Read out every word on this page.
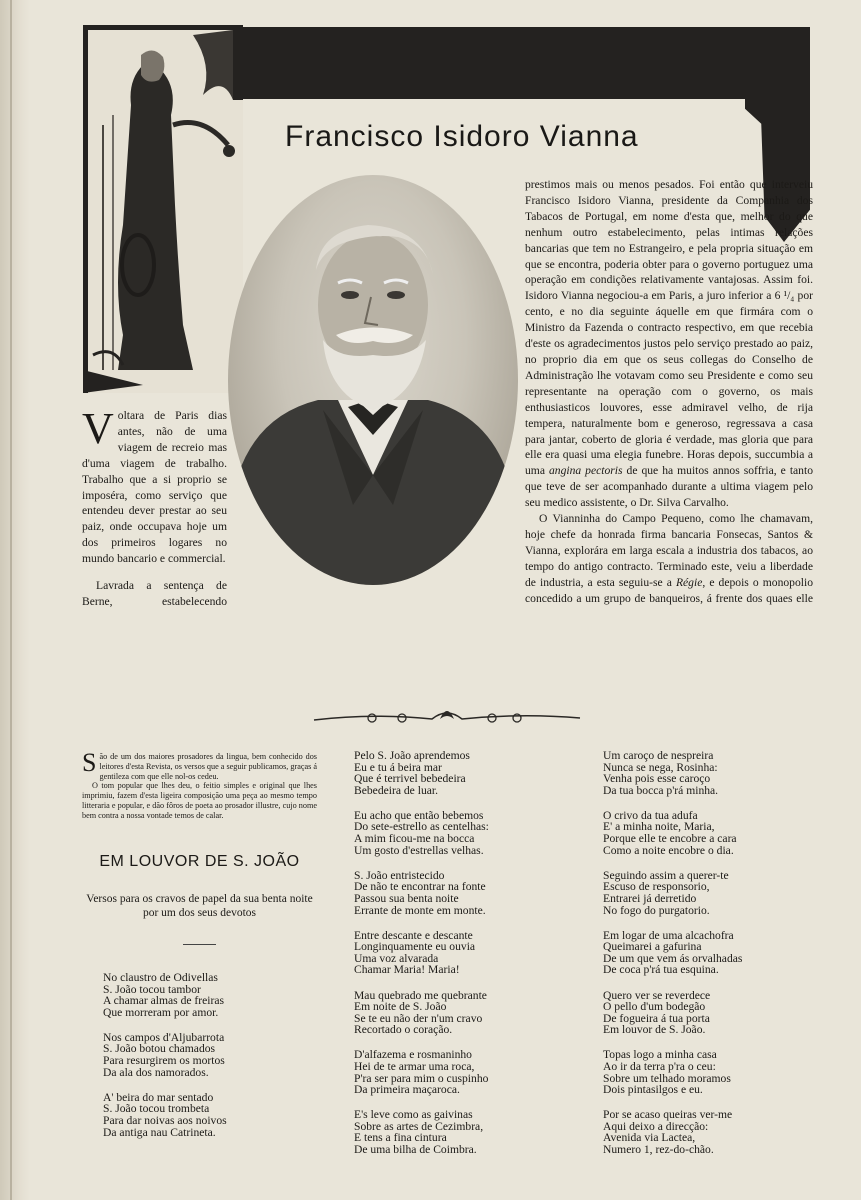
Francisco Isidoro Vianna
V oltara de Paris dias antes, não de uma viagem de recreio mas d'uma viagem de trabalho. Trabalho que a si proprio se imposéra, como serviço que entendeu dever prestar ao seu paiz, onde occupava hoje um dos primeiros logares no mundo bancario e commercial.

Lavrada a sentença de Berne, estabelecendo

prestimos mais ou menos pesados. Foi então que interveiu Francisco Isidoro Vianna, presidente da Companhia dos Tabacos de Portugal, em nome d'esta que, melhor do que nenhum outro estabelecimento, pelas intimas relações bancarias que tem no Estrangeiro, e pela propria situação em que se encontra, poderia obter para o governo portuguez uma operação em condições relativamente vantajosas. Assim foi. Isidoro Vianna negociou-a em Paris, a juro inferior a 6 ¹/₄ por cento, e no dia seguinte áquelle em que firmára com o Ministro da Fazenda o contracto respectivo, em que recebia d'este os agradecimentos justos pelo serviço prestado ao paiz, no proprio dia em que os seus collegas do Conselho de Administração lhe votavam como seu Presidente e como seu representante na operação com o governo, os mais enthusiasticos louvores, esse admiravel velho, de rija tempera, naturalmente bom e generoso, regressava a casa para jantar, coberto de gloria é verdade, mas gloria que para elle era quasi uma elegia funebre. Horas depois, succumbia a uma angina pectoris de que ha muitos annos soffria, e tanto que teve de ser acompanhado durante a ultima viagem pelo seu medico assistente, o Dr. Silva Carvalho.

O Vianninha do Campo Pequeno, como lhe chamavam, hoje chefe da honrada firma bancaria Fonsecas, Santos & Vianna, explorára em larga escala a industria dos tabacos, ao tempo do antigo contracto. Terminado este, veiu a liberdade de industria, a esta seguiu-se a Régie, e depois o monopolio concedido a um grupo de banqueiros, á frente dos quaes elle

S ão de um dos maiores prosadores da lingua, bem conhecido dos leitores d'esta Revista, os versos que a seguir publicamos, graças á gentileza com que elle nol-os cedeu.

O tom popular que lhes deu, o feitio simples e original que lhes imprimiu, fazem d'esta ligeira composição uma peça ao mesmo tempo litteraria e popular, e dão fôros de poeta ao prosador illustre, cujo nome bem contra a nossa vontade temos de calar.

EM LOUVOR DE S. JOÃO
Versos para os cravos de papel da sua benta noite por um dos seus devotos
No claustro de Odivellas
S. João tocou tambor
A chamar almas de freiras
Que morreram por amor.
Nos campos d'Aljubarrota
S. João botou chamados
Para resurgirem os mortos
Da ala dos namorados.
A' beira do mar sentado
S. João tocou trombeta
Para dar noivas aos noivos
Da antiga nau Catrineta.
Pelo S. João aprendemos
Eu e tu á beira mar
Que é terrivel bebedeira
Bebedeira de luar.
Eu acho que então bebemos
Do sete-estrello as centelhas:
A mim ficou-me na bocca
Um gosto d'estrellas velhas.
S. João entristecido
De não te encontrar na fonte
Passou sua benta noite
Errante de monte em monte.
Entre descante e descante
Longinquamente eu ouvia
Uma voz alvarada
Chamar Maria! Maria!
Mau quebrado me quebrante
Em noite de S. João
Se te eu não der n'um cravo
Recortado o coração.
D'alfazema e rosmaninho
Hei de te armar uma roca,
P'ra ser para mim o cuspinho
Da primeira maçaroca.
E's leve como as gaivinas
Sobre as artes de Cezimbra,
E tens a fina cintura
De uma bilha de Coimbra.
Um caroço de nespreira
Nunca se nega, Rosinha:
Venha pois esse caroço
Da tua bocca p'rá minha.
O crivo da tua adufa
E' a minha noite, Maria,
Porque elle te encobre a cara
Como a noite encobre o dia.
Seguindo assim a querer-te
Escuso de responsorio,
Entrarei já derretido
No fogo do purgatorio.
Em logar de uma alcachofra
Queimarei a gafurina
De um que vem ás orvalhadas
De coca p'rá tua esquina.
Quero ver se reverdece
O pello d'um bodegão
De fogueira á tua porta
Em louvor de S. João.
Topas logo a minha casa
Ao ir da terra p'ra o ceu:
Sobre um telhado moramos
Dois pintasilgos e eu.
Por se acaso queiras ver-me
Aqui deixo a direcção:
Avenida via Lactea,
Numero 1, rez-do-chão.
